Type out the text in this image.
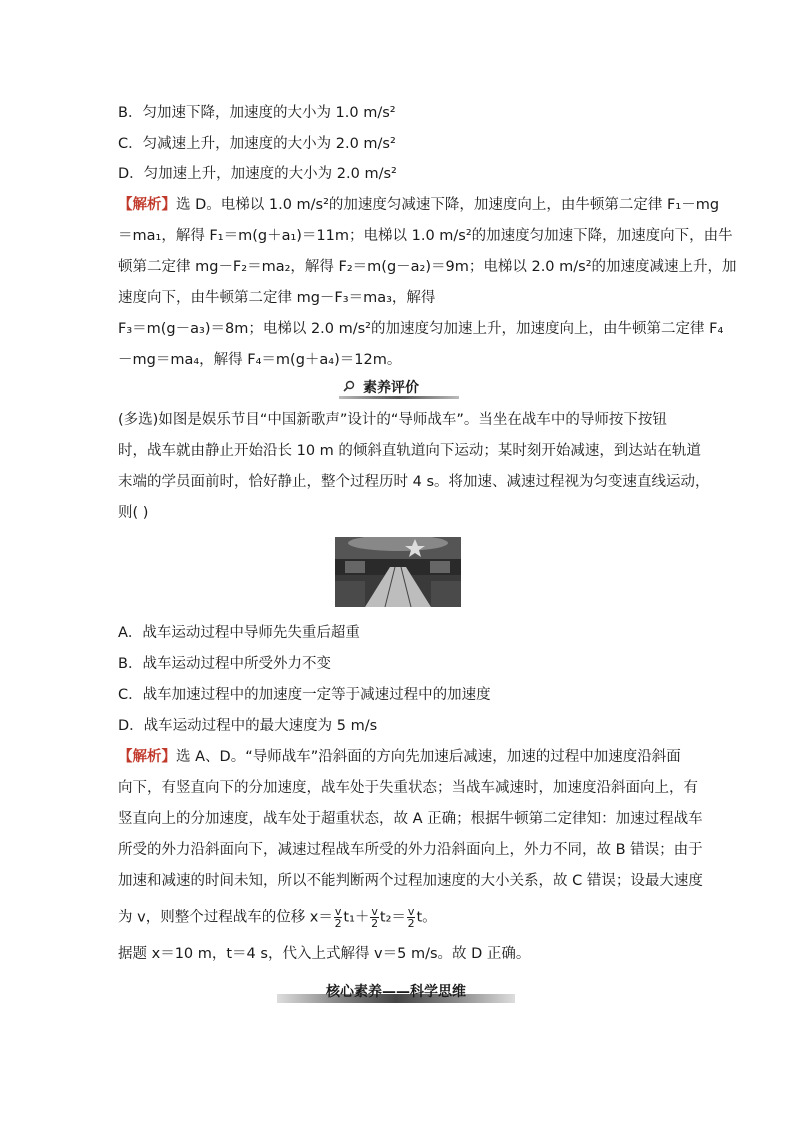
B．匀加速下降，加速度的大小为 1.0 m/s²
C．匀减速上升，加速度的大小为 2.0 m/s²
D．匀加速上升，加速度的大小为 2.0 m/s²
【解析】选 D。电梯以 1.0 m/s²的加速度匀减速下降，加速度向上，由牛顿第二定律 F₁－mg
＝ma₁，解得 F₁＝m(g＋a₁)＝11m；电梯以 1.0 m/s²的加速度匀加速下降，加速度向下，由牛
顿第二定律 mg－F₂＝ma₂，解得 F₂＝m(g－a₂)＝9m；电梯以 2.0 m/s²的加速度减速上升，加
速度向下，由牛顿第二定律 mg－F₃＝ma₃，解得
F₃＝m(g－a₃)＝8m；电梯以 2.0 m/s²的加速度匀加速上升，加速度向上，由牛顿第二定律 F₄
－mg＝ma₄，解得 F₄＝m(g＋a₄)＝12m。
素养评价
(多选)如图是娱乐节目“中国新歌声”设计的“导师战车”。当坐在战车中的导师按下按钮
时，战车就由静止开始沿长 10 m 的倾斜直轨道向下运动；某时刻开始减速，到达站在轨道
末端的学员面前时，恰好静止，整个过程历时 4 s。将加速、减速过程视为匀变速直线运动，
则( )
A．战车运动过程中导师先失重后超重
B．战车运动过程中所受外力不变
C．战车加速过程中的加速度一定等于减速过程中的加速度
D．战车运动过程中的最大速度为 5 m/s
【解析】选 A、D。“导师战车”沿斜面的方向先加速后减速，加速的过程中加速度沿斜面
向下，有竖直向下的分加速度，战车处于失重状态；当战车减速时，加速度沿斜面向上，有
竖直向上的分加速度，战车处于超重状态，故 A 正确；根据牛顿第二定律知：加速过程战车
所受的外力沿斜面向下，减速过程战车所受的外力沿斜面向上，外力不同，故 B 错误；由于
加速和减速的时间未知，所以不能判断两个过程加速度的大小关系，故 C 错误；设最大速度
为 v，则整个过程战车的位移 $x= \frac{v}{2} t_1+ \frac{v}{2} t_2= \frac{v}{2}$ t。
据题 x＝10 m，t＝4 s，代入上式解得 v＝5 m/s。故 D 正确。
核心素养——科学思维
